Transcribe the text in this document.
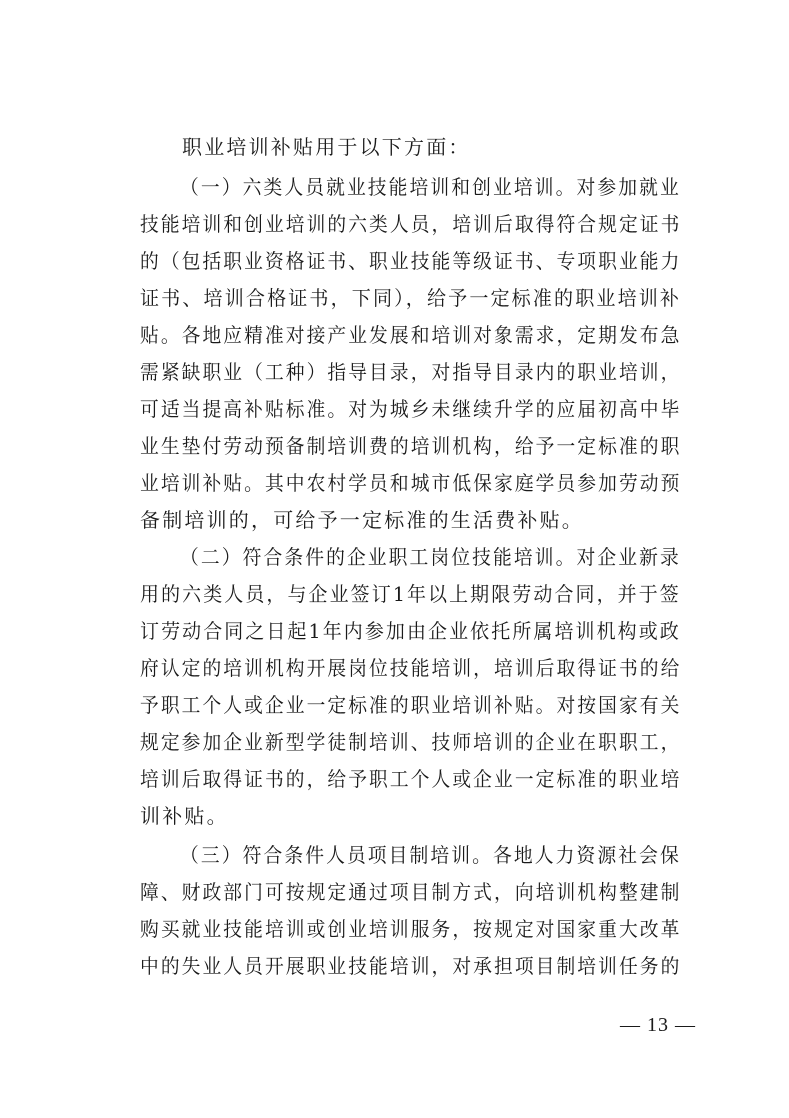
职业培训补贴用于以下方面：
（一）六类人员就业技能培训和创业培训。对参加就业
技能培训和创业培训的六类人员，培训后取得符合规定证书
的（包括职业资格证书、职业技能等级证书、专项职业能力
证书、培训合格证书，下同），给予一定标准的职业培训补
贴。各地应精准对接产业发展和培训对象需求，定期发布急
需紧缺职业（工种）指导目录，对指导目录内的职业培训，
可适当提高补贴标准。对为城乡未继续升学的应届初高中毕
业生垫付劳动预备制培训费的培训机构，给予一定标准的职
业培训补贴。其中农村学员和城市低保家庭学员参加劳动预
备制培训的，可给予一定标准的生活费补贴。
（二）符合条件的企业职工岗位技能培训。对企业新录
用的六类人员，与企业签订1年以上期限劳动合同，并于签
订劳动合同之日起1年内参加由企业依托所属培训机构或政
府认定的培训机构开展岗位技能培训，培训后取得证书的给
予职工个人或企业一定标准的职业培训补贴。对按国家有关
规定参加企业新型学徒制培训、技师培训的企业在职职工，
培训后取得证书的，给予职工个人或企业一定标准的职业培
训补贴。
（三）符合条件人员项目制培训。各地人力资源社会保
障、财政部门可按规定通过项目制方式，向培训机构整建制
购买就业技能培训或创业培训服务，按规定对国家重大改革
中的失业人员开展职业技能培训，对承担项目制培训任务的
— 13 —
